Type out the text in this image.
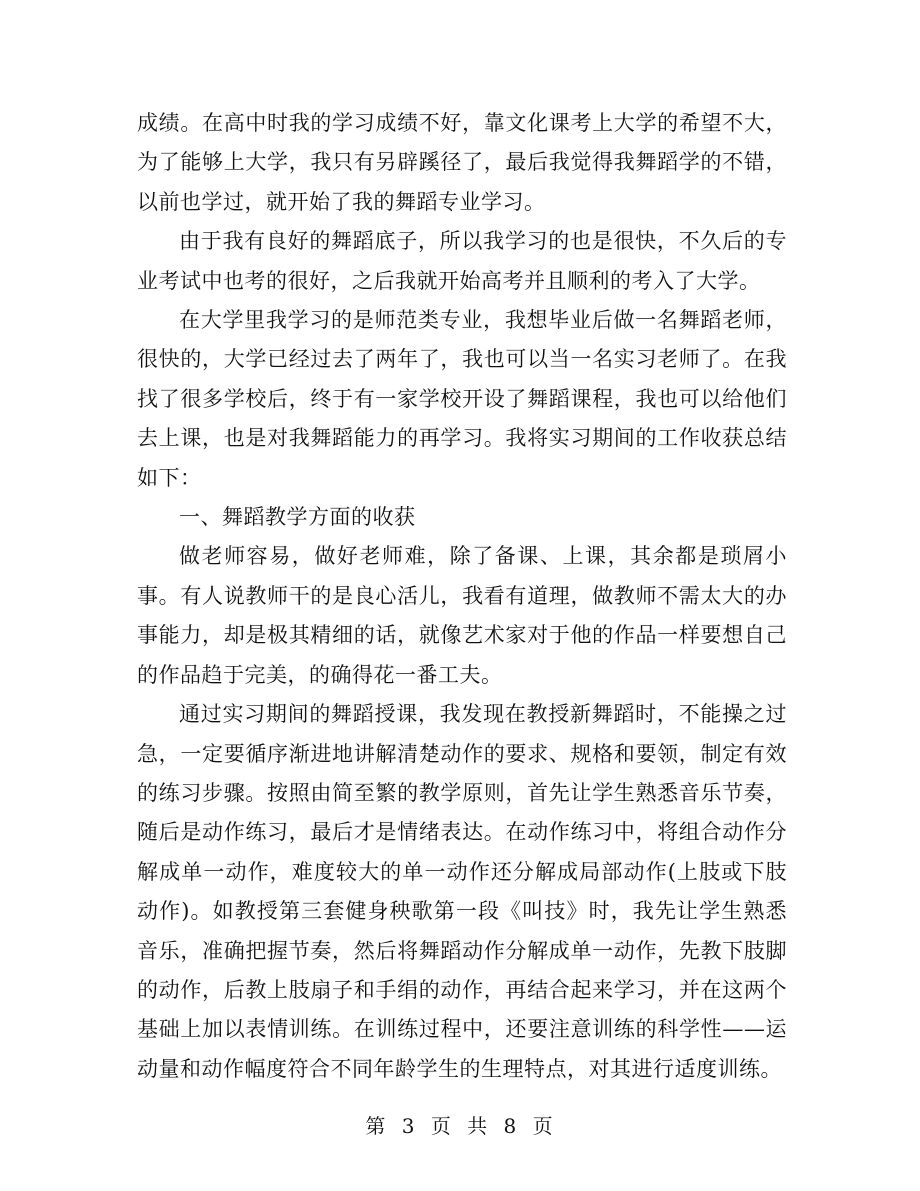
成绩。在高中时我的学习成绩不好，靠文化课考上大学的希望不大，为了能够上大学，我只有另辟蹊径了，最后我觉得我舞蹈学的不错，以前也学过，就开始了我的舞蹈专业学习。

由于我有良好的舞蹈底子，所以我学习的也是很快，不久后的专业考试中也考的很好，之后我就开始高考并且顺利的考入了大学。

在大学里我学习的是师范类专业，我想毕业后做一名舞蹈老师，很快的，大学已经过去了两年了，我也可以当一名实习老师了。在我找了很多学校后，终于有一家学校开设了舞蹈课程，我也可以给他们去上课，也是对我舞蹈能力的再学习。我将实习期间的工作收获总结如下：

一、舞蹈教学方面的收获

做老师容易，做好老师难，除了备课、上课，其余都是琐屑小事。有人说教师干的是良心活儿，我看有道理，做教师不需太大的办事能力，却是极其精细的话，就像艺术家对于他的作品一样要想自己的作品趋于完美，的确得花一番工夫。

通过实习期间的舞蹈授课，我发现在教授新舞蹈时，不能操之过急，一定要循序渐进地讲解清楚动作的要求、规格和要领，制定有效的练习步骤。按照由简至繁的教学原则，首先让学生熟悉音乐节奏，随后是动作练习，最后才是情绪表达。在动作练习中，将组合动作分解成单一动作，难度较大的单一动作还分解成局部动作(上肢或下肢动作)。如教授第三套健身秧歌第一段《叫技》时，我先让学生熟悉音乐，准确把握节奏，然后将舞蹈动作分解成单一动作，先教下肢脚的动作，后教上肢扇子和手绢的动作，再结合起来学习，并在这两个基础上加以表情训练。在训练过程中，还要注意训练的科学性——运动量和动作幅度符合不同年龄学生的生理特点，对其进行适度训练。

第 3 页 共 8 页
